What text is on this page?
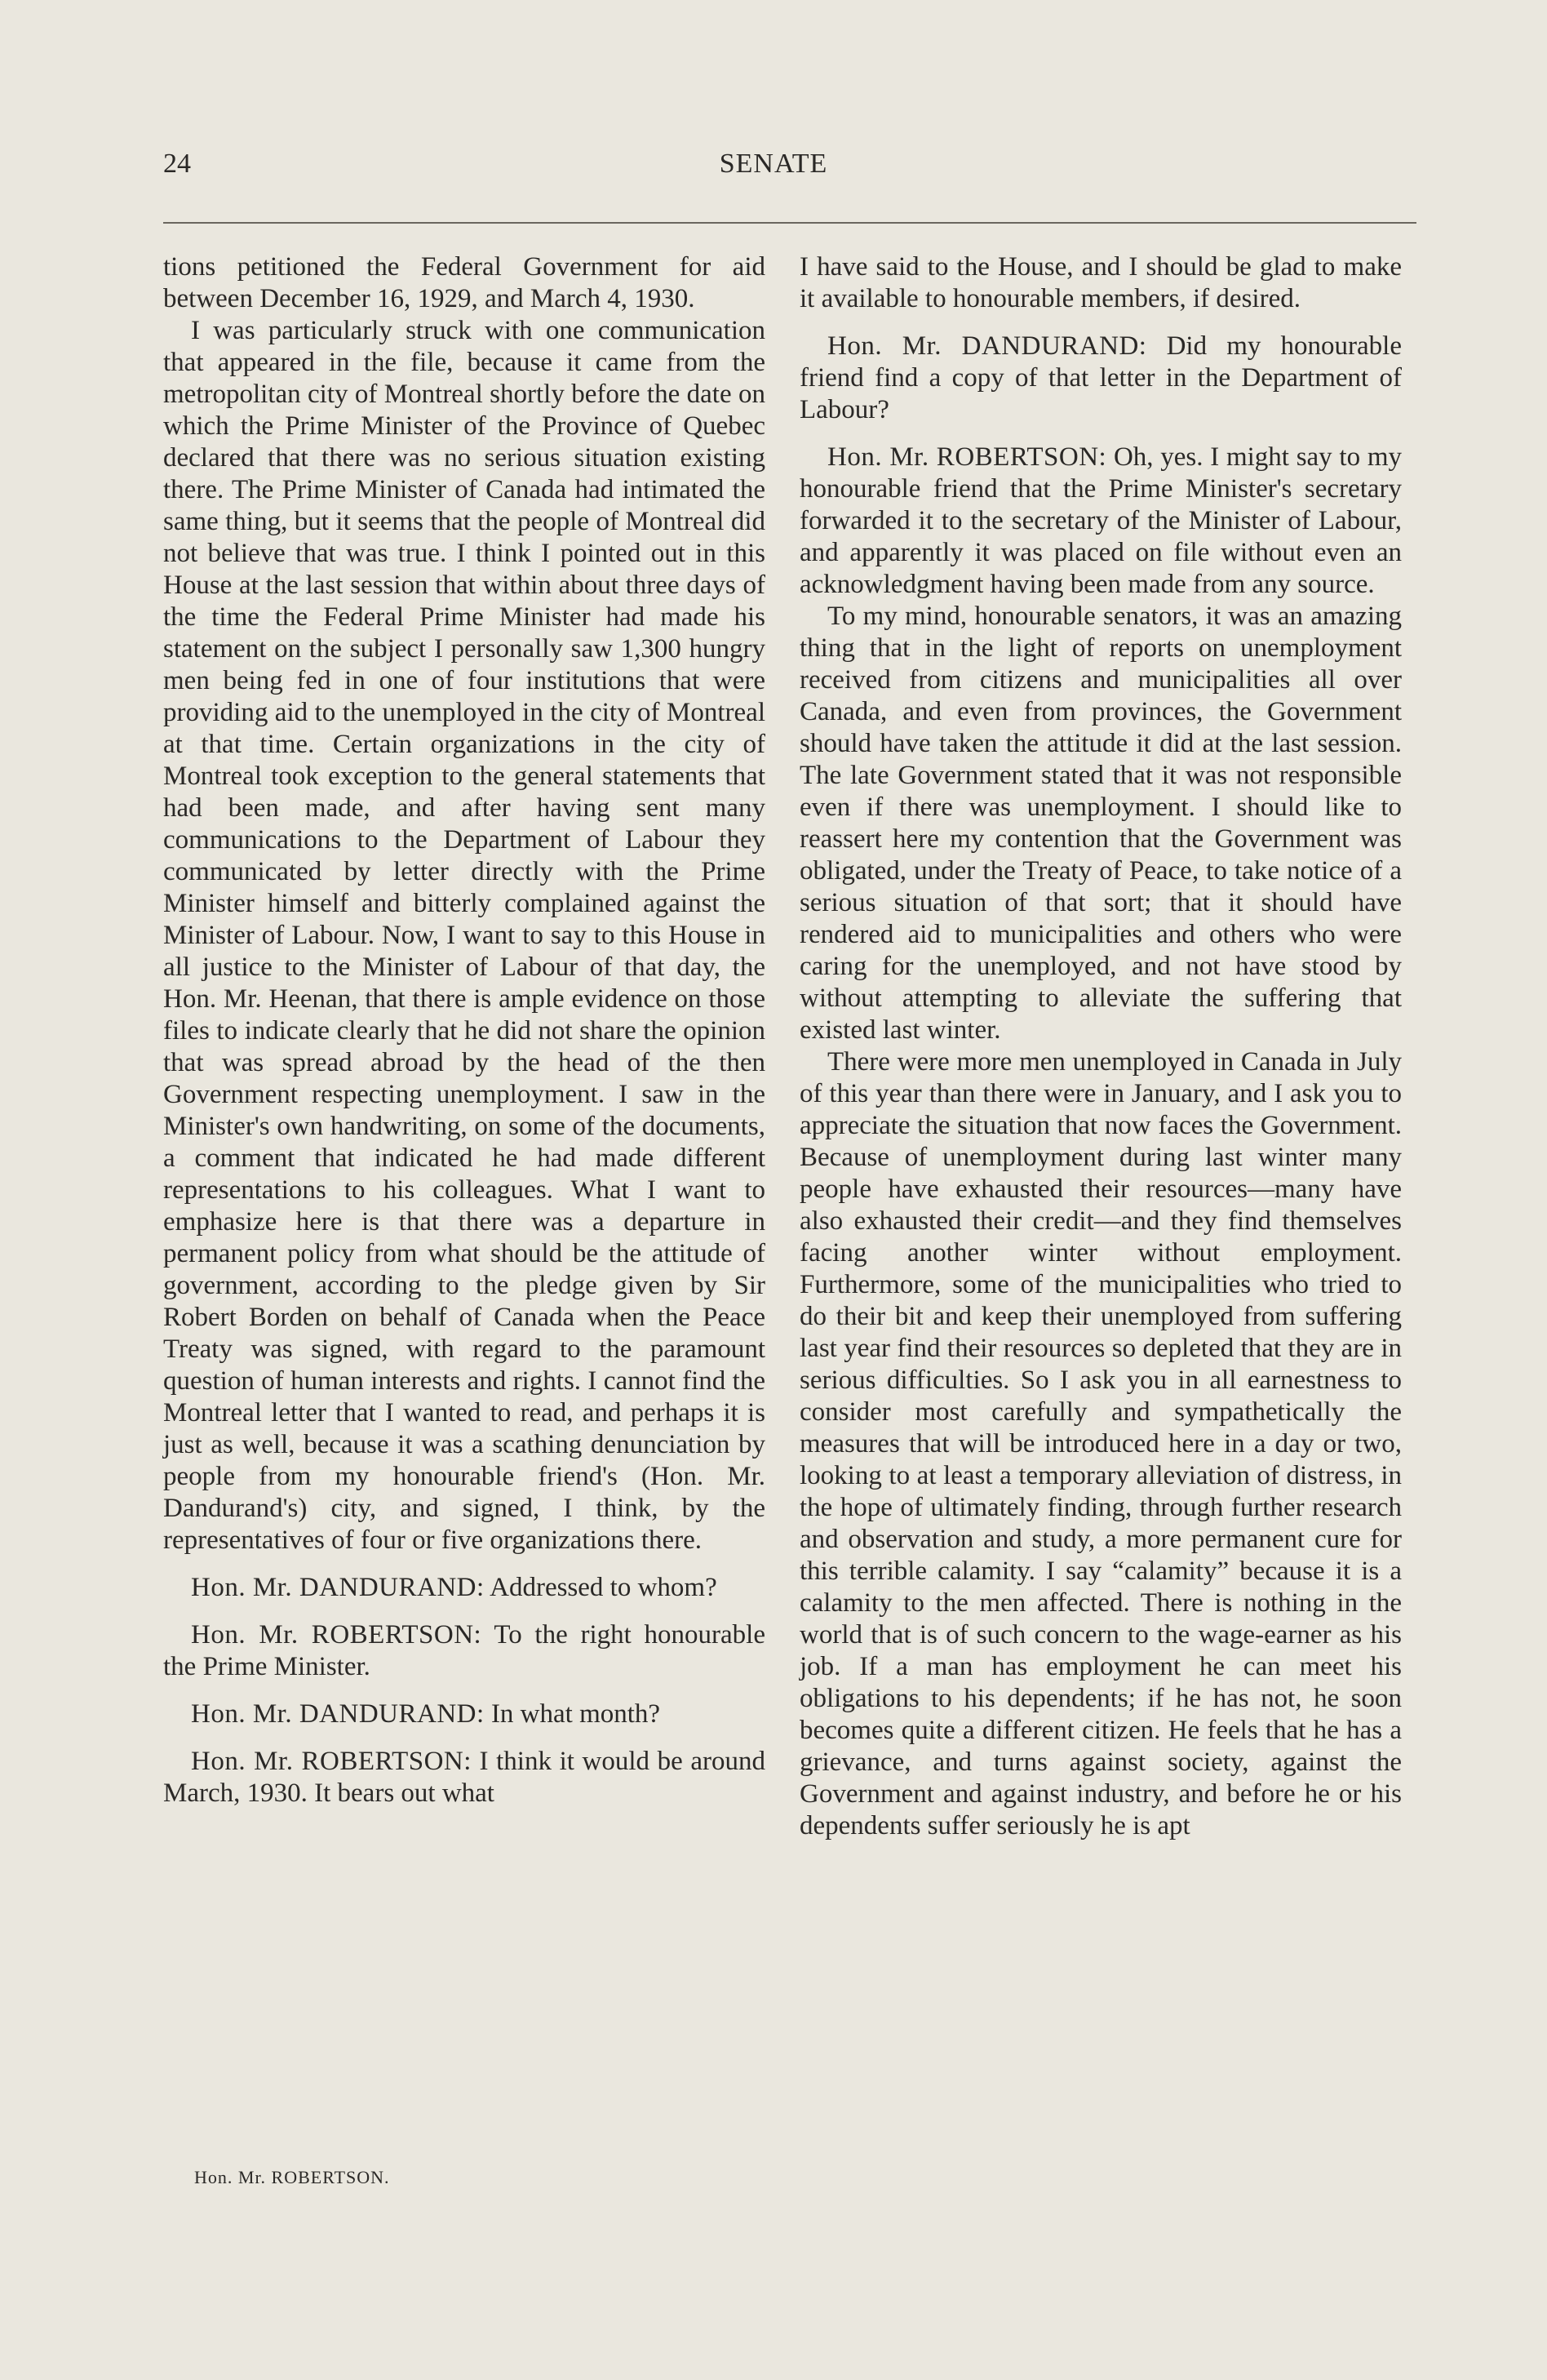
24	SENATE

tions petitioned the Federal Government for aid between December 16, 1929, and March 4, 1930.

I was particularly struck with one communication that appeared in the file, because it came from the metropolitan city of Montreal shortly before the date on which the Prime Minister of the Province of Quebec declared that there was no serious situation existing there. The Prime Minister of Canada had intimated the same thing, but it seems that the people of Montreal did not believe that was true. I think I pointed out in this House at the last session that within about three days of the time the Federal Prime Minister had made his statement on the subject I personally saw 1,300 hungry men being fed in one of four institutions that were providing aid to the unemployed in the city of Montreal at that time. Certain organizations in the city of Montreal took exception to the general statements that had been made, and after having sent many communications to the Department of Labour they communicated by letter directly with the Prime Minister himself and bitterly complained against the Minister of Labour. Now, I want to say to this House in all justice to the Minister of Labour of that day, the Hon. Mr. Heenan, that there is ample evidence on those files to indicate clearly that he did not share the opinion that was spread abroad by the head of the then Government respecting unemployment. I saw in the Minister's own handwriting, on some of the documents, a comment that indicated he had made different representations to his colleagues. What I want to emphasize here is that there was a departure in permanent policy from what should be the attitude of government, according to the pledge given by Sir Robert Borden on behalf of Canada when the Peace Treaty was signed, with regard to the paramount question of human interests and rights. I cannot find the Montreal letter that I wanted to read, and perhaps it is just as well, because it was a scathing denunciation by people from my honourable friend's (Hon. Mr. Dandurand's) city, and signed, I think, by the representatives of four or five organizations there.

Hon. Mr. DANDURAND: Addressed to whom?

Hon. Mr. ROBERTSON: To the right honourable the Prime Minister.

Hon. Mr. DANDURAND: In what month?

Hon. Mr. ROBERTSON: I think it would be around March, 1930. It bears out what

Hon. Mr. ROBERTSON.

I have said to the House, and I should be glad to make it available to honourable members, if desired.

Hon. Mr. DANDURAND: Did my honourable friend find a copy of that letter in the Department of Labour?

Hon. Mr. ROBERTSON: Oh, yes. I might say to my honourable friend that the Prime Minister's secretary forwarded it to the secretary of the Minister of Labour, and apparently it was placed on file without even an acknowledgment having been made from any source.

To my mind, honourable senators, it was an amazing thing that in the light of reports on unemployment received from citizens and municipalities all over Canada, and even from provinces, the Government should have taken the attitude it did at the last session. The late Government stated that it was not responsible even if there was unemployment. I should like to reassert here my contention that the Government was obligated, under the Treaty of Peace, to take notice of a serious situation of that sort; that it should have rendered aid to municipalities and others who were caring for the unemployed, and not have stood by without attempting to alleviate the suffering that existed last winter.

There were more men unemployed in Canada in July of this year than there were in January, and I ask you to appreciate the situation that now faces the Government. Because of unemployment during last winter many people have exhausted their resources—many have also exhausted their credit—and they find themselves facing another winter without employment. Furthermore, some of the municipalities who tried to do their bit and keep their unemployed from suffering last year find their resources so depleted that they are in serious difficulties. So I ask you in all earnestness to consider most carefully and sympathetically the measures that will be introduced here in a day or two, looking to at least a temporary alleviation of distress, in the hope of ultimately finding, through further research and observation and study, a more permanent cure for this terrible calamity. I say “calamity” because it is a calamity to the men affected. There is nothing in the world that is of such concern to the wage-earner as his job. If a man has employment he can meet his obligations to his dependents; if he has not, he soon becomes quite a different citizen. He feels that he has a grievance, and turns against society, against the Government and against industry, and before he or his dependents suffer seriously he is apt
